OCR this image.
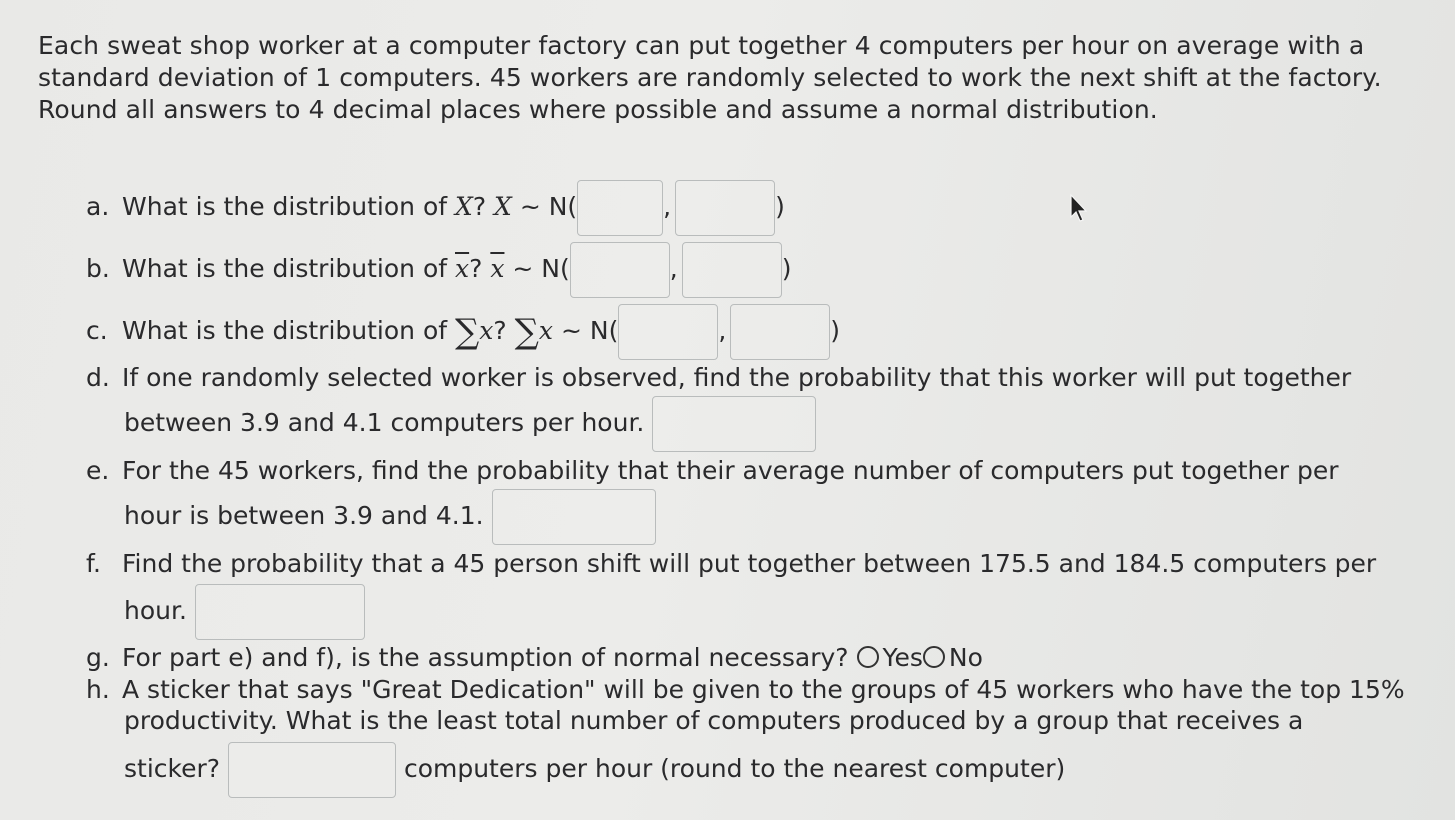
Each sweat shop worker at a computer factory can put together 4 computers per hour on average with a standard deviation of 1 computers. 45 workers are randomly selected to work the next shift at the factory. Round all answers to 4 decimal places where possible and assume a normal distribution.
a. What is the distribution of X? X ~ N(	,	)
b. What is the distribution of $\overline{x}$? $\overline{x}$ ~ N(	,	)
c. What is the distribution of ∑x? ∑x ~ N(	,	)
d. If one randomly selected worker is observed, find the probability that this worker will put together
between 3.9 and 4.1 computers per hour.
e. For the 45 workers, find the probability that their average number of computers put together per
hour is between 3.9 and 4.1.
f. Find the probability that a 45 person shift will put together between 175.5 and 184.5 computers per
hour.
g. For part e) and f), is the assumption of normal necessary? Yes No
h. A sticker that says "Great Dedication" will be given to the groups of 45 workers who have the top 15%
productivity. What is the least total number of computers produced by a group that receives a
sticker?	computers per hour (round to the nearest computer)
